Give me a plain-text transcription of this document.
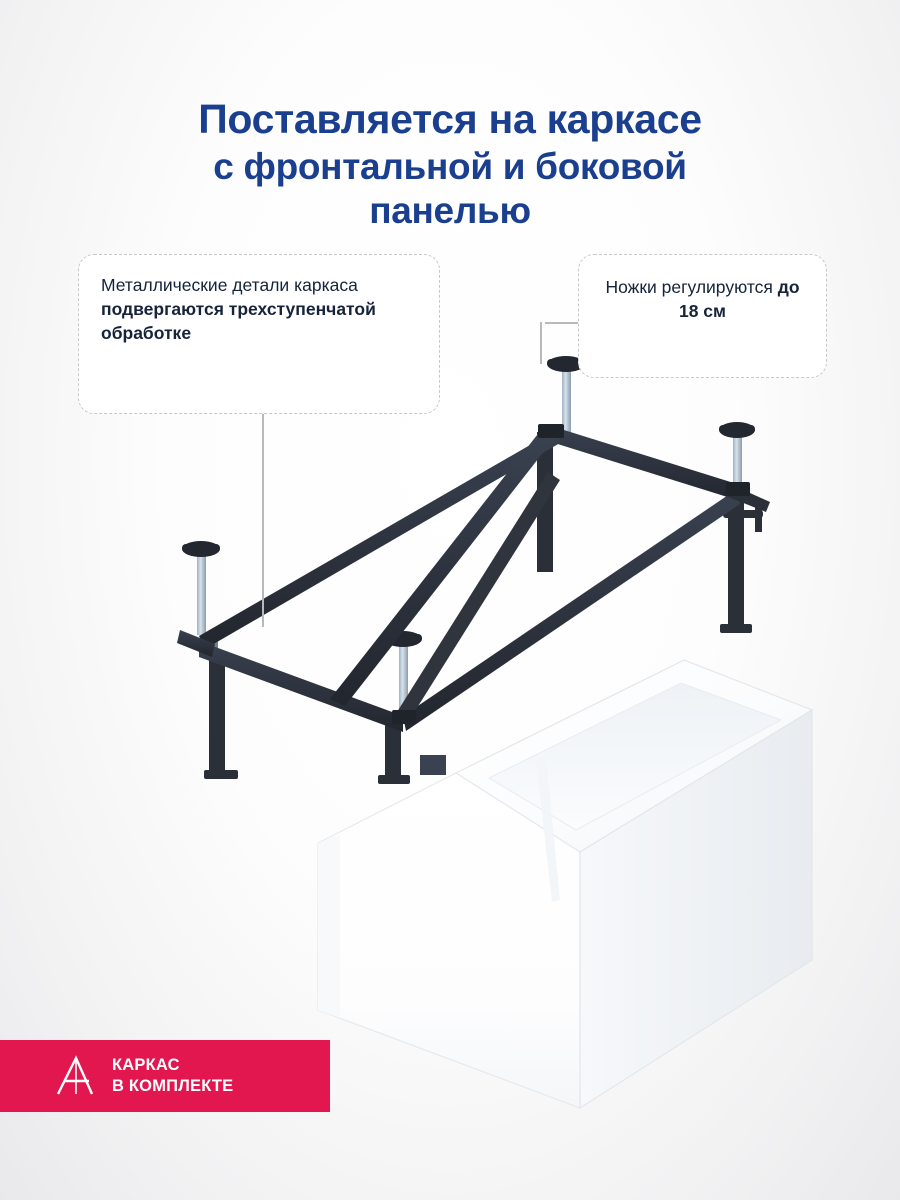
Поставляется на каркасе
с фронтальной и боковой
панелью
Металлические детали каркаса подвергаются трехступенчатой обработке
Ножки регулируются до 18 см
КАРКАС
В КОМПЛЕКТЕ
